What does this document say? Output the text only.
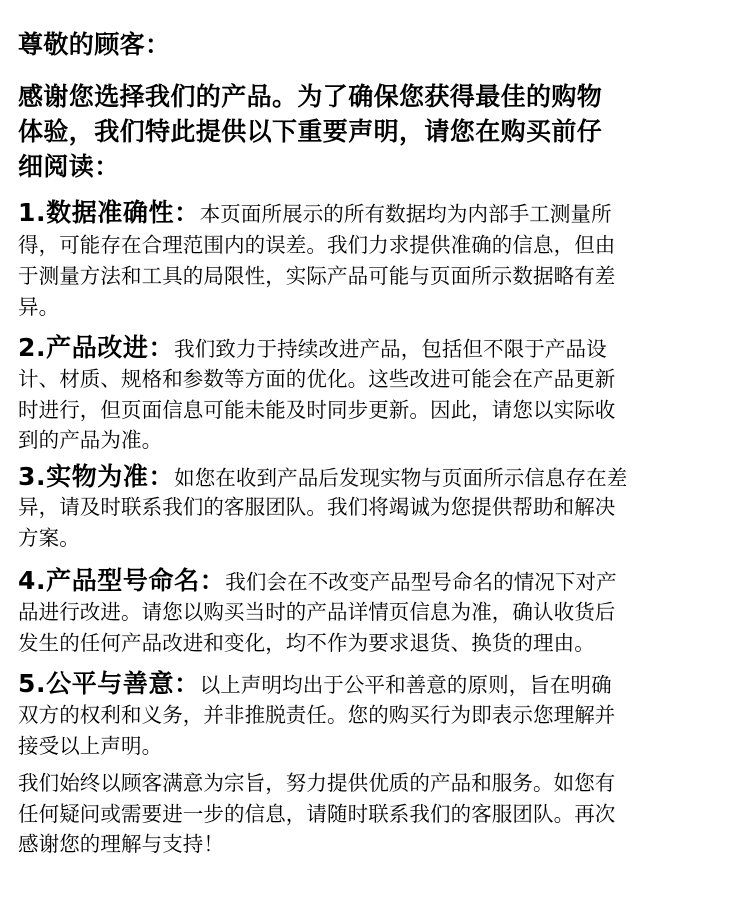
尊敬的顾客：
感谢您选择我们的产品。为了确保您获得最佳的购物
体验，我们特此提供以下重要声明，请您在购买前仔
细阅读：
1.数据准确性：本页面所展示的所有数据均为内部手工测量所
得，可能存在合理范围内的误差。我们力求提供准确的信息，但由
于测量方法和工具的局限性，实际产品可能与页面所示数据略有差
异。
2.产品改进：我们致力于持续改进产品，包括但不限于产品设
计、材质、规格和参数等方面的优化。这些改进可能会在产品更新
时进行，但页面信息可能未能及时同步更新。因此，请您以实际收
到的产品为准。
3.实物为准：如您在收到产品后发现实物与页面所示信息存在差
异，请及时联系我们的客服团队。我们将竭诚为您提供帮助和解决
方案。
4.产品型号命名：我们会在不改变产品型号命名的情况下对产
品进行改进。请您以购买当时的产品详情页信息为准，确认收货后
发生的任何产品改进和变化，均不作为要求退货、换货的理由。
5.公平与善意：以上声明均出于公平和善意的原则，旨在明确
双方的权利和义务，并非推脱责任。您的购买行为即表示您理解并
接受以上声明。
我们始终以顾客满意为宗旨，努力提供优质的产品和服务。如您有
任何疑问或需要进一步的信息，请随时联系我们的客服团队。再次
感谢您的理解与支持！
